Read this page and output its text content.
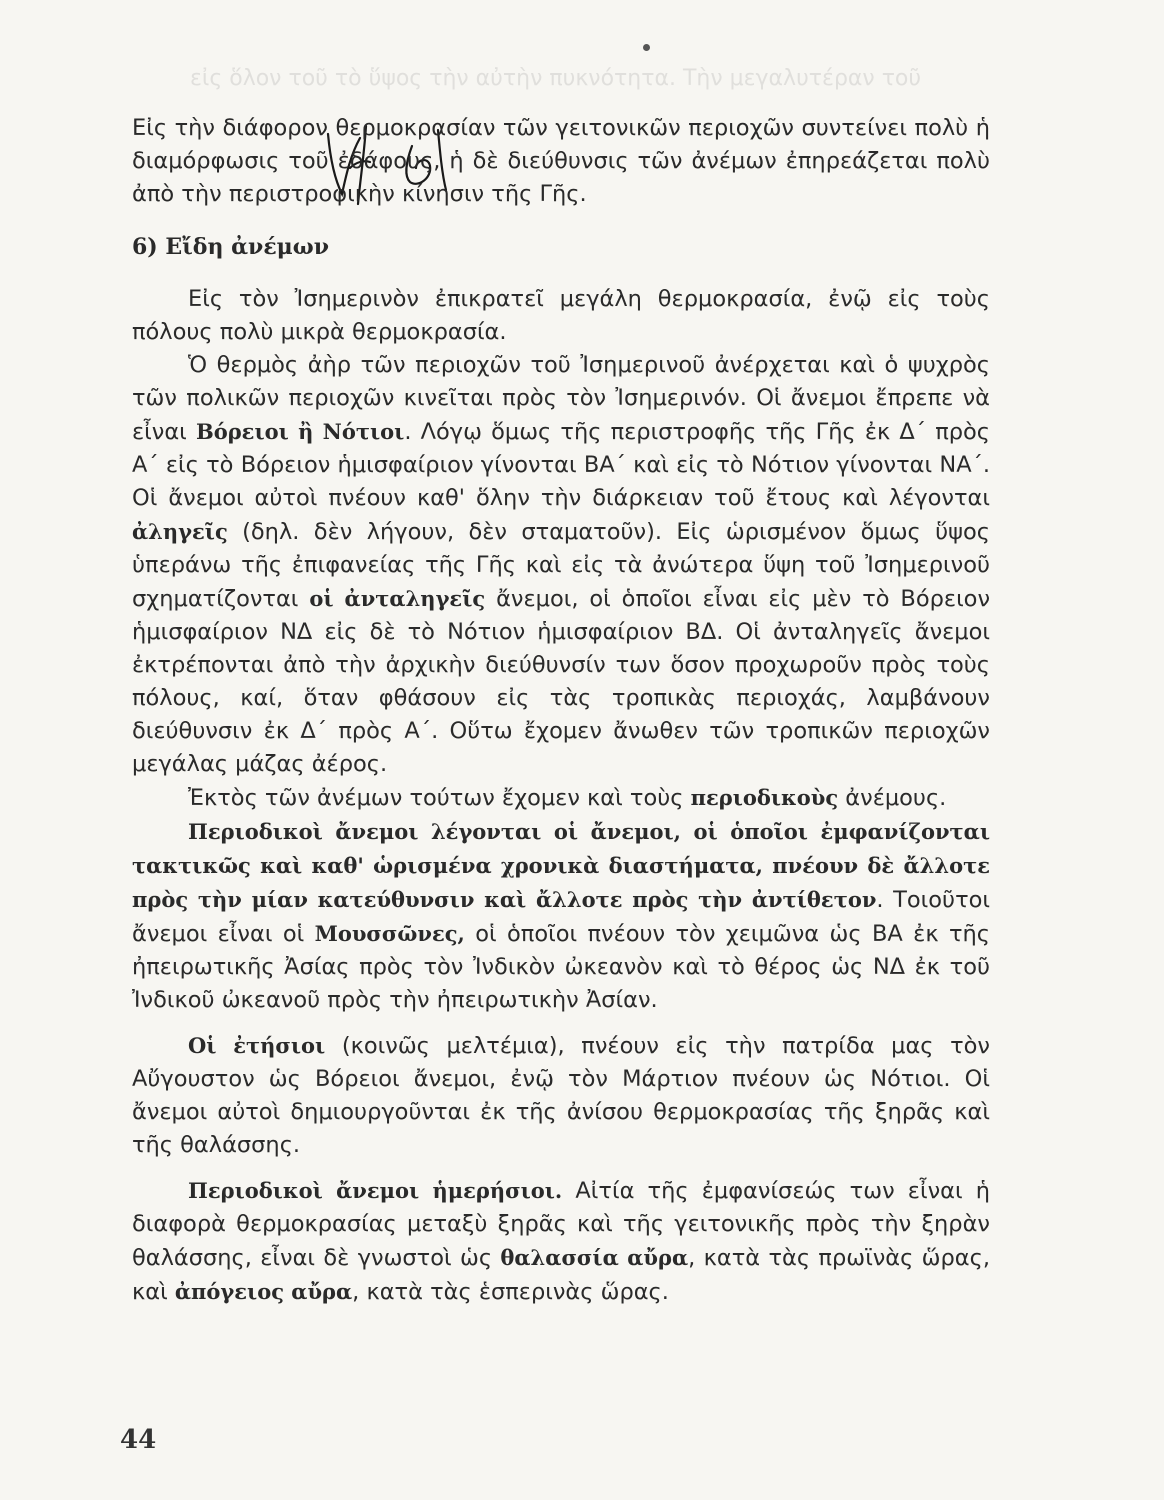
εἰς ὅλον τοῦ τὸ ὕψος τὴν αὐτὴν πυκνότητα. Τὴν μεγαλυτέραν τοῦ

Εἰς τὴν διάφορον θερμοκρασίαν τῶν γειτονικῶν περιοχῶν συντείνει πολὺ ἡ διαμόρφωσις τοῦ ἐδάφους, ἡ δὲ διεύθυνσις τῶν ἀνέμων ἐπηρεάζεται πολὺ ἀπὸ τὴν περιστροφικὴν κίνησιν τῆς Γῆς.

6) Εἴδη ἀνέμων

Εἰς τὸν Ἰσημερινὸν ἐπικρατεῖ μεγάλη θερμοκρασία, ἐνῷ εἰς τοὺς πόλους πολὺ μικρὰ θερμοκρασία.

Ὁ θερμὸς ἀὴρ τῶν περιοχῶν τοῦ Ἰσημερινοῦ ἀνέρχεται καὶ ὁ ψυχρὸς τῶν πολικῶν περιοχῶν κινεῖται πρὸς τὸν Ἰσημερινόν. Οἱ ἄνεμοι ἔπρεπε νὰ εἶναι Βόρειοι ἢ Νότιοι. Λόγῳ ὅμως τῆς περιστροφῆς τῆς Γῆς ἐκ Δ΄ πρὸς Α΄ εἰς τὸ Βόρειον ἡμισφαίριον γίνονται ΒΑ΄ καὶ εἰς τὸ Νότιον γίνονται ΝΑ΄. Οἱ ἄνεμοι αὐτοὶ πνέουν καθ' ὅλην τὴν διάρκειαν τοῦ ἔτους καὶ λέγονται ἀληγεῖς (δηλ. δὲν λήγουν, δὲν σταματοῦν). Εἰς ὡρισμένον ὅμως ὕψος ὑπεράνω τῆς ἐπιφανείας τῆς Γῆς καὶ εἰς τὰ ἀνώτερα ὕψη τοῦ Ἰσημερινοῦ σχηματίζονται οἱ ἀνταληγεῖς ἄνεμοι, οἱ ὁποῖοι εἶναι εἰς μὲν τὸ Βόρειον ἡμισφαίριον ΝΔ εἰς δὲ τὸ Νότιον ἡμισφαίριον ΒΔ. Οἱ ἀνταληγεῖς ἄνεμοι ἐκτρέπονται ἀπὸ τὴν ἀρχικὴν διεύθυνσίν των ὅσον προχωροῦν πρὸς τοὺς πόλους, καί, ὅταν φθάσουν εἰς τὰς τροπικὰς περιοχάς, λαμβάνουν διεύθυνσιν ἐκ Δ΄ πρὸς Α΄. Οὕτω ἔχομεν ἄνωθεν τῶν τροπικῶν περιοχῶν μεγάλας μάζας ἀέρος.

Ἐκτὸς τῶν ἀνέμων τούτων ἔχομεν καὶ τοὺς περιοδικοὺς ἀνέμους.

Περιοδικοὶ ἄνεμοι λέγονται οἱ ἄνεμοι, οἱ ὁποῖοι ἐμφανίζονται τακτικῶς καὶ καθ' ὡρισμένα χρονικὰ διαστήματα, πνέουν δὲ ἄλλοτε πρὸς τὴν μίαν κατεύθυνσιν καὶ ἄλλοτε πρὸς τὴν ἀντίθετον. Τοιοῦτοι ἄνεμοι εἶναι οἱ Μουσσῶνες, οἱ ὁποῖοι πνέουν τὸν χειμῶνα ὡς ΒΑ ἐκ τῆς ἠπειρωτικῆς Ἀσίας πρὸς τὸν Ἰνδικὸν ὠκεανὸν καὶ τὸ θέρος ὡς ΝΔ ἐκ τοῦ Ἰνδικοῦ ὠκεανοῦ πρὸς τὴν ἠπειρωτικὴν Ἀσίαν.

Οἱ ἐτήσιοι (κοινῶς μελτέμια), πνέουν εἰς τὴν πατρίδα μας τὸν Αὔγουστον ὡς Βόρειοι ἄνεμοι, ἐνῷ τὸν Μάρτιον πνέουν ὡς Νότιοι. Οἱ ἄνεμοι αὐτοὶ δημιουργοῦνται ἐκ τῆς ἀνίσου θερμοκρασίας τῆς ξηρᾶς καὶ τῆς θαλάσσης.

Περιοδικοὶ ἄνεμοι ἡμερήσιοι. Αἰτία τῆς ἐμφανίσεώς των εἶναι ἡ διαφορὰ θερμοκρασίας μεταξὺ ξηρᾶς καὶ τῆς γειτονικῆς πρὸς τὴν ξηρὰν θαλάσσης, εἶναι δὲ γνωστοὶ ὡς θαλασσία αὔρα, κατὰ τὰς πρωϊνὰς ὥρας, καὶ ἀπόγειος αὔρα, κατὰ τὰς ἑσπερινὰς ὥρας.

44
